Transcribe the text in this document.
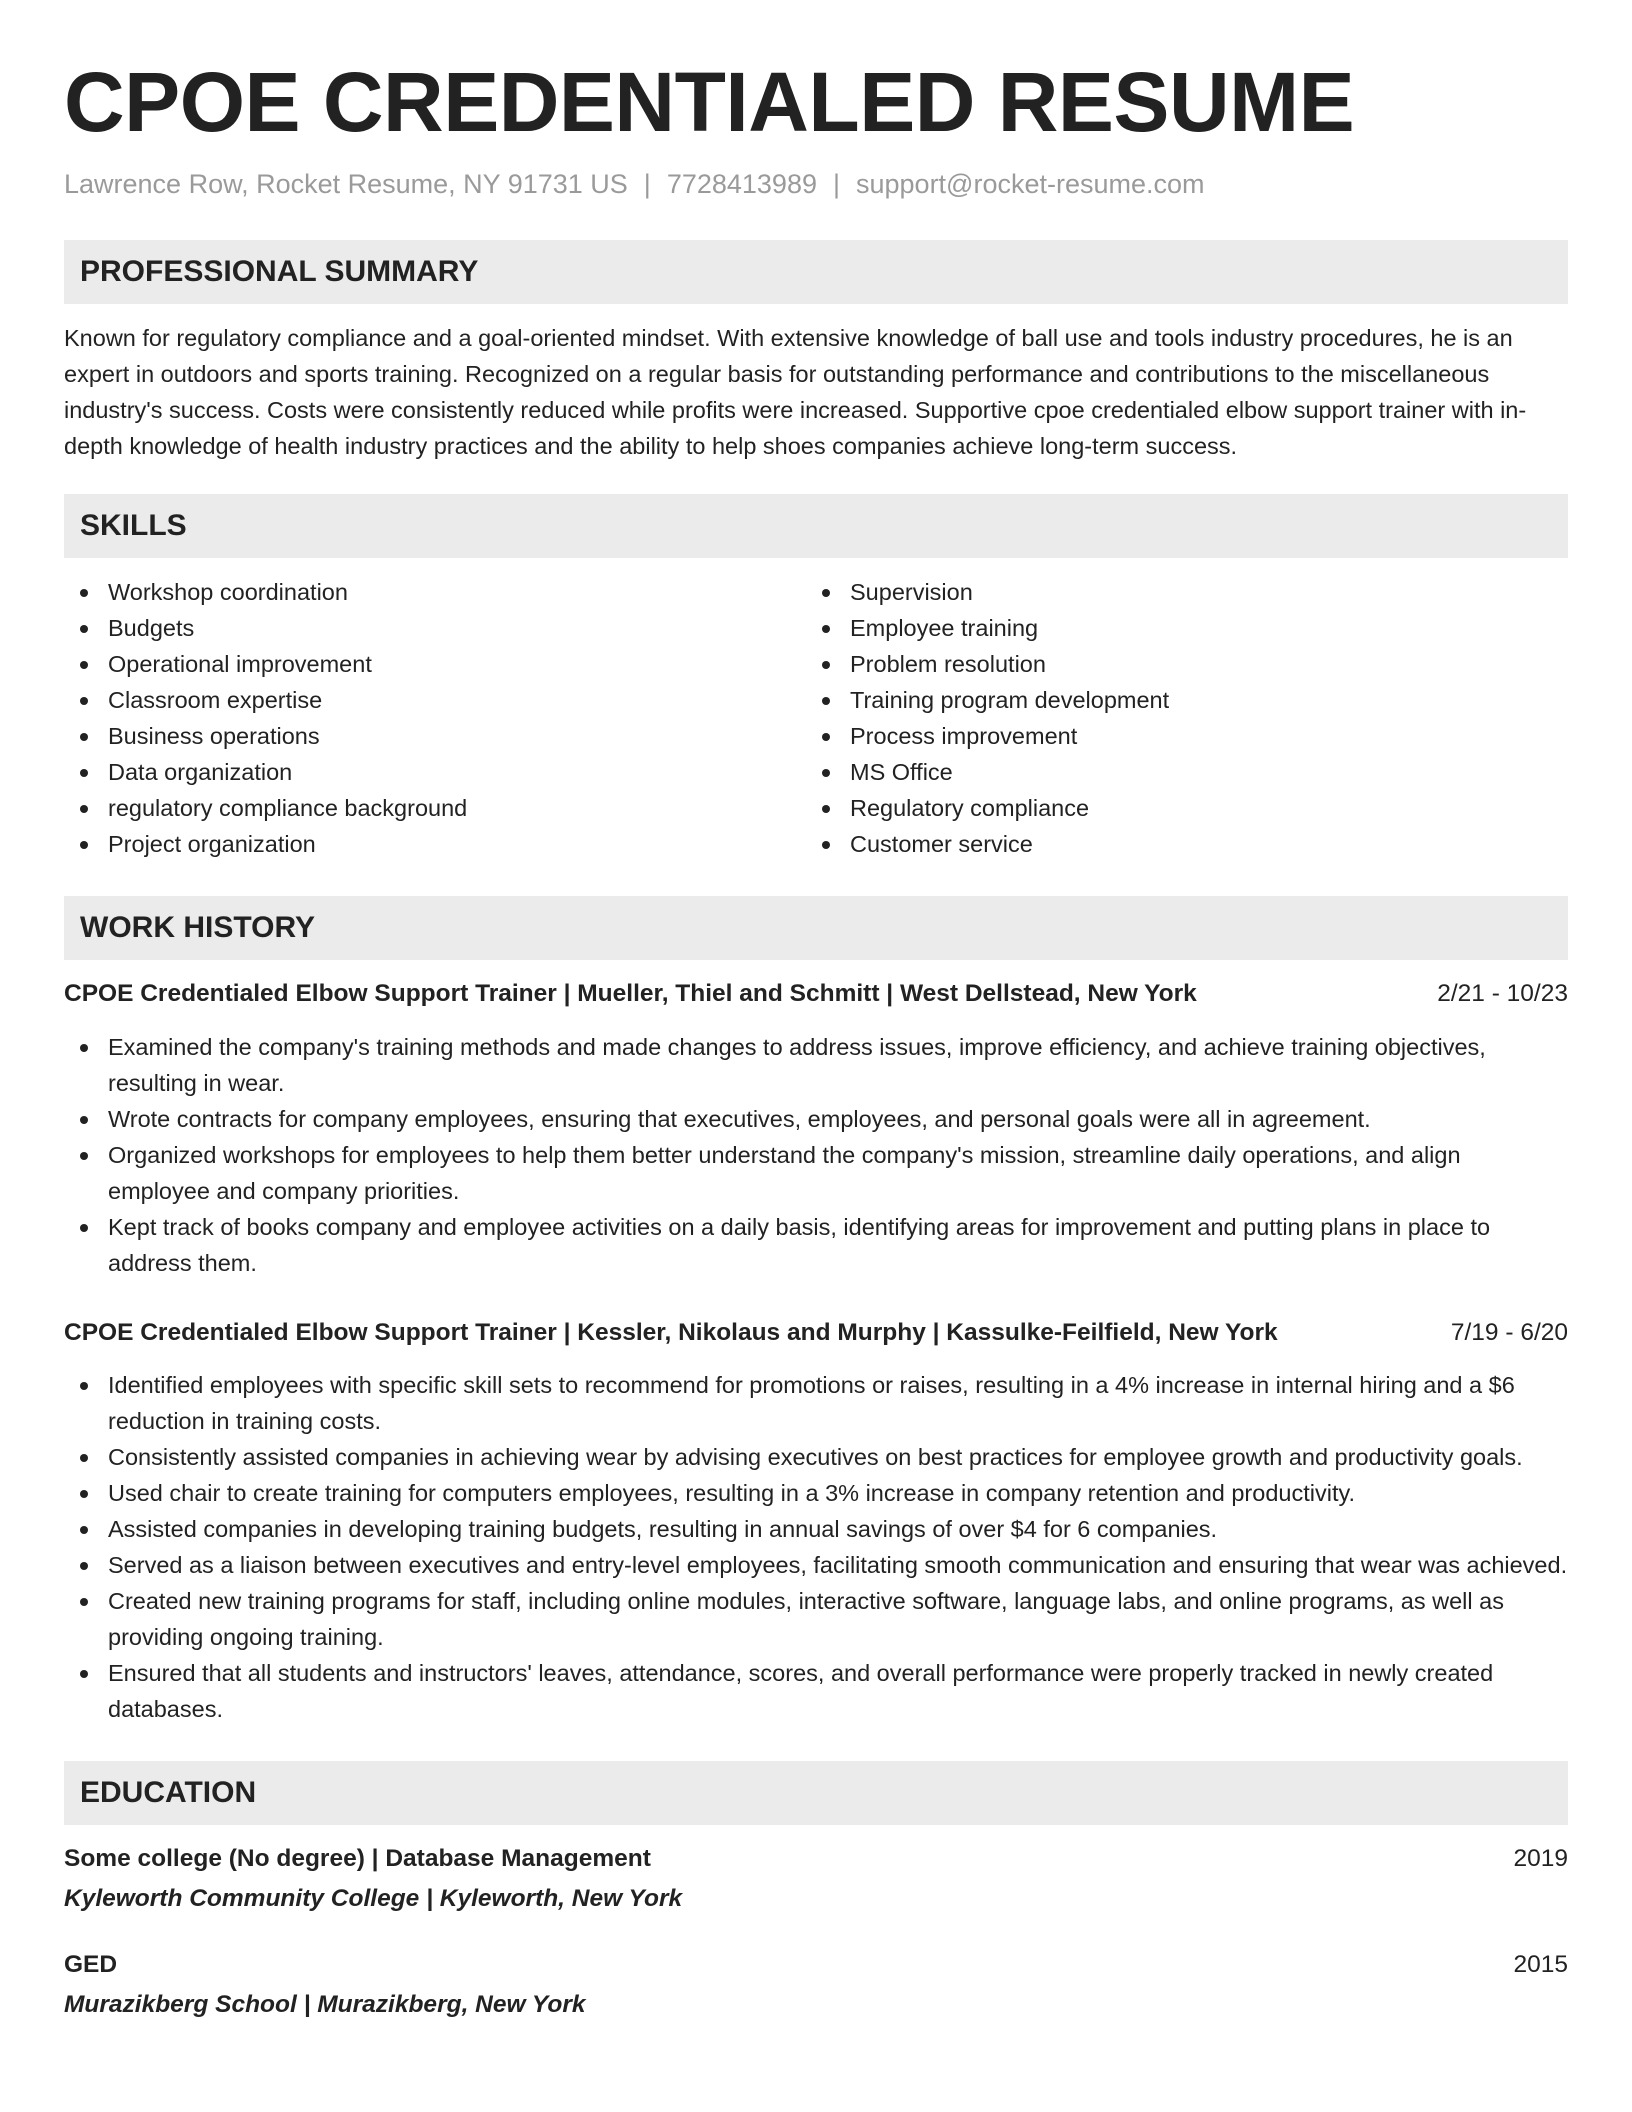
CPOE CREDENTIALED RESUME
Lawrence Row, Rocket Resume, NY 91731 US | 7728413989 | support@rocket-resume.com
PROFESSIONAL SUMMARY
Known for regulatory compliance and a goal-oriented mindset. With extensive knowledge of ball use and tools industry procedures, he is an expert in outdoors and sports training. Recognized on a regular basis for outstanding performance and contributions to the miscellaneous industry's success. Costs were consistently reduced while profits were increased. Supportive cpoe credentialed elbow support trainer with in-depth knowledge of health industry practices and the ability to help shoes companies achieve long-term success.
SKILLS
Workshop coordination
Budgets
Operational improvement
Classroom expertise
Business operations
Data organization
regulatory compliance background
Project organization
Supervision
Employee training
Problem resolution
Training program development
Process improvement
MS Office
Regulatory compliance
Customer service
WORK HISTORY
CPOE Credentialed Elbow Support Trainer | Mueller, Thiel and Schmitt | West Dellstead, New York	2/21 - 10/23
Examined the company's training methods and made changes to address issues, improve efficiency, and achieve training objectives, resulting in wear.
Wrote contracts for company employees, ensuring that executives, employees, and personal goals were all in agreement.
Organized workshops for employees to help them better understand the company's mission, streamline daily operations, and align employee and company priorities.
Kept track of books company and employee activities on a daily basis, identifying areas for improvement and putting plans in place to address them.
CPOE Credentialed Elbow Support Trainer | Kessler, Nikolaus and Murphy | Kassulke-Feilfield, New York	7/19 - 6/20
Identified employees with specific skill sets to recommend for promotions or raises, resulting in a 4% increase in internal hiring and a $6 reduction in training costs.
Consistently assisted companies in achieving wear by advising executives on best practices for employee growth and productivity goals.
Used chair to create training for computers employees, resulting in a 3% increase in company retention and productivity.
Assisted companies in developing training budgets, resulting in annual savings of over $4 for 6 companies.
Served as a liaison between executives and entry-level employees, facilitating smooth communication and ensuring that wear was achieved.
Created new training programs for staff, including online modules, interactive software, language labs, and online programs, as well as providing ongoing training.
Ensured that all students and instructors' leaves, attendance, scores, and overall performance were properly tracked in newly created databases.
EDUCATION
Some college (No degree) | Database Management	2019
Kyleworth Community College | Kyleworth, New York
GED	2015
Murazikberg School | Murazikberg, New York
